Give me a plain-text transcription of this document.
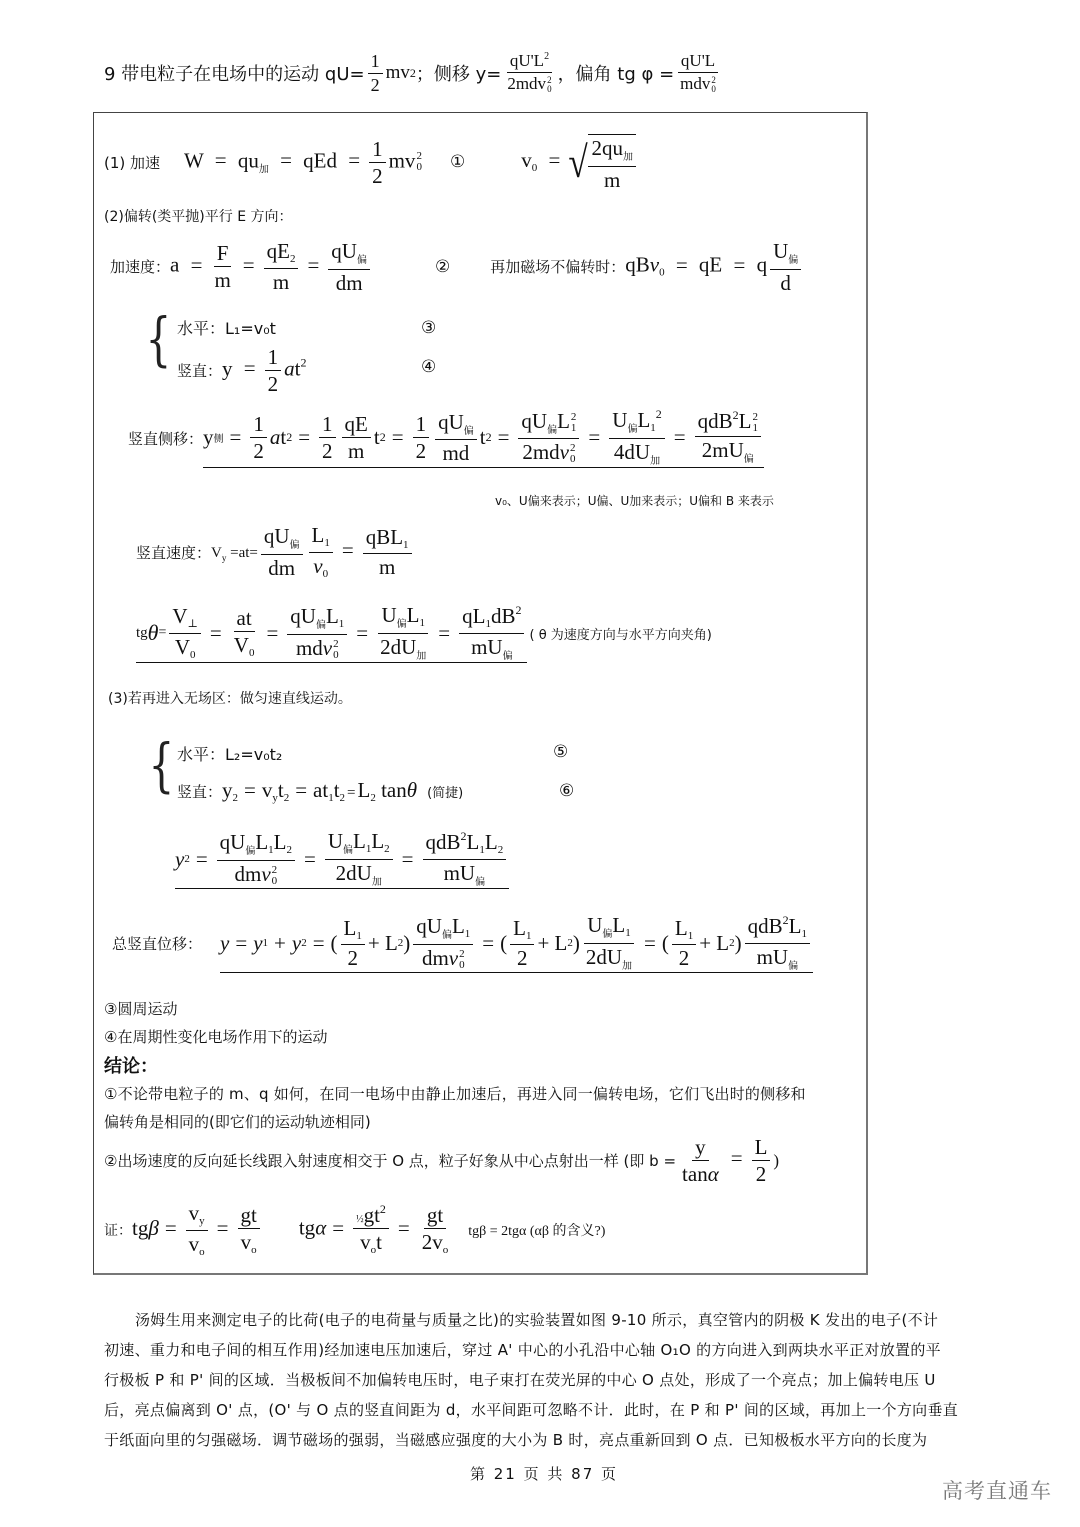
9 带电粒子在电场中的运动 $qU= \frac{1}{2}$ mv 2 ；侧移 $y= qU'L^2$
2mdv 2
0 ，偏角 tg φ = qU'L
mdv 2
0
(1) 加速 $W = qu_加$ = qEd = $\frac{1}{2}$ mv 2
0 ①	$v_0$ = √ $\frac{2qu_加}{m}$
(2)偏转(类平抛)平行 E 方向：
加速度： $a = \frac{F}{m} = \frac{qE_2}{m} = \frac{qU_偏}{dm}$	②	再加磁场不偏转时： qBv$_0$ = qE = q $\frac{U_偏}{d}$
{ 水平：L₁=v₀t	③
竖直： $y = \frac{1}{2} at^2$	④
竖直侧移： y 侧 = $\frac{1}{2}$ a t $2 = \frac{1}{2} \frac{qE}{m}$ t $2 = \frac{1}{2} \frac{qU_偏}{md}$ t $2 = qU_偏L$ 2
1
2mdv 2
$0 = \frac{U_偏L_1^2}{4dU_加} = qdB^2L$ 2
1
$2mU_偏$
v₀、U偏来表示；U偏、U加来表示；U偏和 B 来表示
竖直速度： $V_y =at= \frac{qU_偏}{dm} \frac{L_1}{v_0} = \frac{qBL_1}{m}$
tg $\theta = \frac{V_\perp}{V_0} = \frac{at}{V_0} = qU_偏L_1$
mdv 2
$0 = \frac{U_偏L_1}{2dU_加} = \frac{qL_1dB^2}{mU_偏}$ ( θ 为速度方向与水平方向夹角)
(3)若再进入无场区：做匀速直线运动。
{ 水平：L₂=v₀t₂	⑤
竖直： $y_2 = v_yt_2 = at_1t_2 =L_2$ tanθ (简捷)	⑥
y $2 = qU_偏L_1L_2$
dmv 2
$0 = \frac{U_偏L_1L_2}{2dU_加} = \frac{qdB^2L_1L_2}{mU_偏}$
总竖直位移： y = y 1 + y 2 = ( $\frac{L_1}{2} + L$ 2 ) $qU_偏L_1$
dmv 2
0 = ( $\frac{L_1}{2} + L$ 2 ) $\frac{U_偏L_1}{2dU_加}$ = ( $\frac{L_1}{2} + L$ 2 ) $\frac{qdB^2L_1}{mU_偏}$
③圆周运动
④在周期性变化电场作用下的运动
结论：
①不论带电粒子的 m、q 如何，在同一电场中由静止加速后，再进入同一偏转电场，它们飞出时的侧移和
偏转角是相同的(即它们的运动轨迹相同)
②出场速度的反向延长线跟入射速度相交于 O 点，粒子好象从中心点射出一样 (即 $b = \frac{y}{\tan\alpha} = \frac{L}{2}$ )
证： $tg\beta = \frac{v_y}{v_o} = \frac{gt}{v_o}$ $tg\alpha = \frac{\frac{1}{2}gt^2}{v_ot} = \frac{gt}{2v_o}$ tgβ = 2tgα (αβ 的含义?)
汤姆生用来测定电子的比荷(电子的电荷量与质量之比)的实验装置如图 9-10 所示，真空管内的阴极 K 发出的电子(不计
初速、重力和电子间的相互作用)经加速电压加速后，穿过 A' 中心的小孔沿中心轴 O₁O 的方向进入到两块水平正对放置的平
行极板 P 和 P' 间的区域．当极板间不加偏转电压时，电子束打在荧光屏的中心 O 点处，形成了一个亮点；加上偏转电压 U
后，亮点偏离到 O' 点，(O' 与 O 点的竖直间距为 d，水平间距可忽略不计．此时，在 P 和 P' 间的区域，再加上一个方向垂直
于纸面向里的匀强磁场．调节磁场的强弱，当磁感应强度的大小为 B 时，亮点重新回到 O 点．已知极板水平方向的长度为
第 21 页 共 87 页
高考直通车
